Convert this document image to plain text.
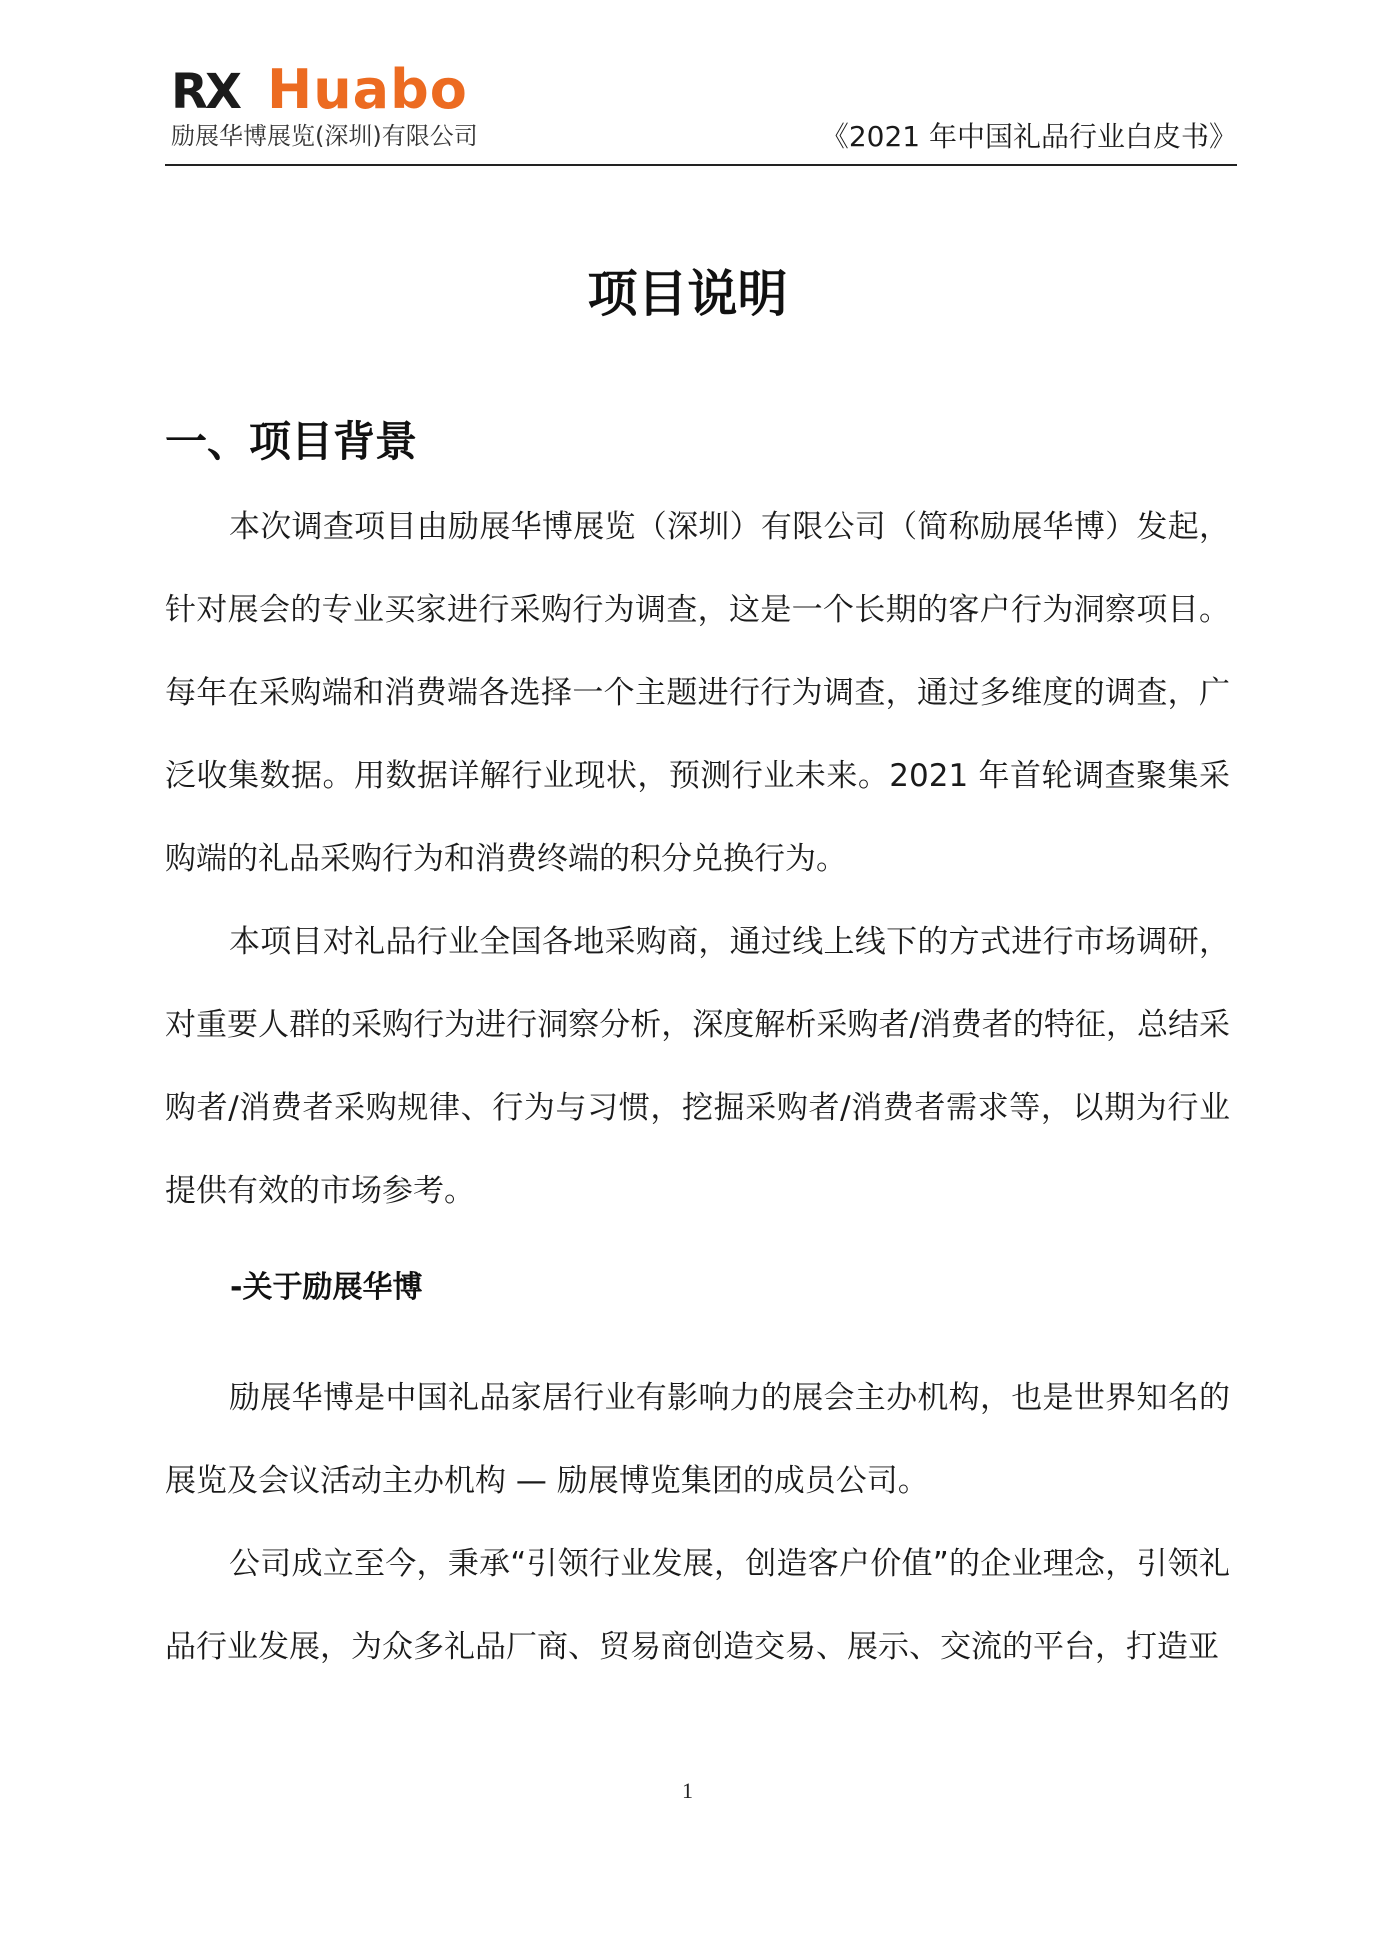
RX Huabo
励展华博展览(深圳)有限公司	《2021 年中国礼品行业白皮书》
项目说明
一、项目背景

本次调查项目由励展华博展览（深圳）有限公司（简称励展华博）发起，针对展会的专业买家进行采购行为调查，这是一个长期的客户行为洞察项目。每年在采购端和消费端各选择一个主题进行行为调查，通过多维度的调查，广泛收集数据。用数据详解行业现状，预测行业未来。2021 年首轮调查聚集采购端的礼品采购行为和消费终端的积分兑换行为。

本项目对礼品行业全国各地采购商，通过线上线下的方式进行市场调研，对重要人群的采购行为进行洞察分析，深度解析采购者/消费者的特征，总结采购者/消费者采购规律、行为与习惯，挖掘采购者/消费者需求等，以期为行业提供有效的市场参考。

-关于励展华博

励展华博是中国礼品家居行业有影响力的展会主办机构，也是世界知名的展览及会议活动主办机构 — 励展博览集团的成员公司。

公司成立至今，秉承“引领行业发展，创造客户价值”的企业理念，引领礼品行业发展，为众多礼品厂商、贸易商创造交易、展示、交流的平台，打造亚

1
